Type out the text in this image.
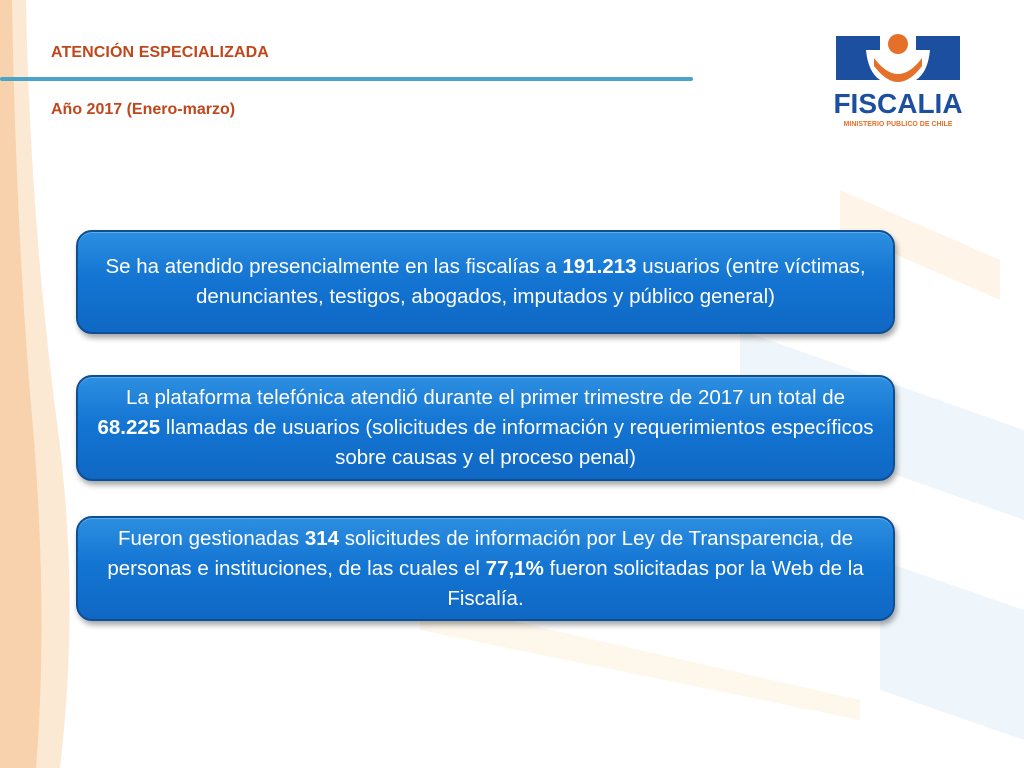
ATENCIÓN ESPECIALIZADA
Año 2017 (Enero-marzo)	FISCALIA
MINISTERIO PUBLICO DE CHILE
Se ha atendido presencialmente en las fiscalías a 191.213 usuarios (entre víctimas, denunciantes, testigos, abogados, imputados y público general)
La plataforma telefónica atendió durante el primer trimestre de 2017 un total de 68.225 llamadas de usuarios (solicitudes de información y requerimientos específicos sobre causas y el proceso penal)
Fueron gestionadas 314 solicitudes de información por Ley de Transparencia, de personas e instituciones, de las cuales el 77,1% fueron solicitadas por la Web de la Fiscalía.
